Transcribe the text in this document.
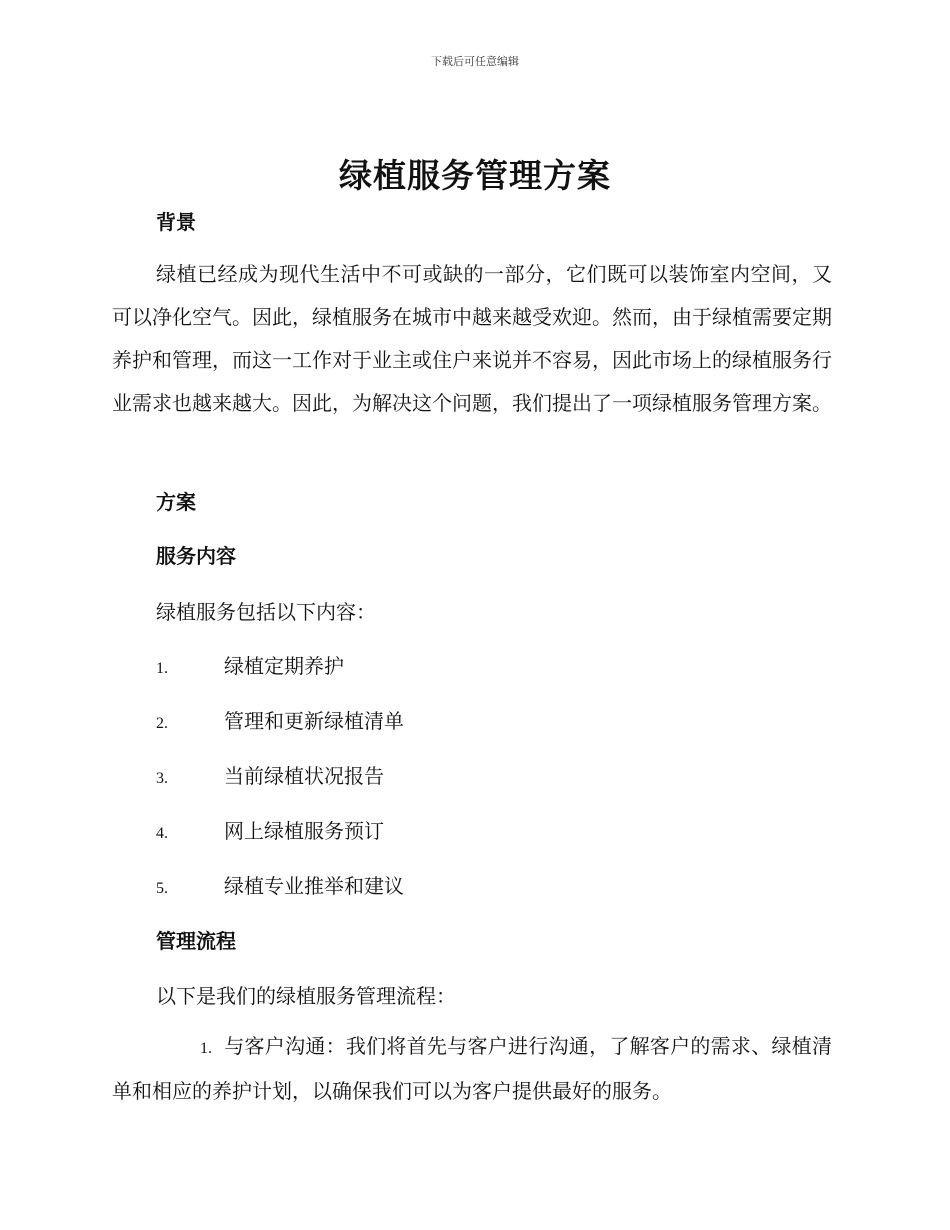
下载后可任意编辑
绿植服务管理方案
背景
绿植已经成为现代生活中不可或缺的一部分，它们既可以装饰室内空间，又可以净化空气。因此，绿植服务在城市中越来越受欢迎。然而，由于绿植需要定期养护和管理，而这一工作对于业主或住户来说并不容易，因此市场上的绿植服务行业需求也越来越大。因此，为解决这个问题，我们提出了一项绿植服务管理方案。
方案
服务内容
绿植服务包括以下内容：
1.	绿植定期养护
2.	管理和更新绿植清单
3.	当前绿植状况报告
4.	网上绿植服务预订
5.	绿植专业推举和建议
管理流程
以下是我们的绿植服务管理流程：
1. 与客户沟通：我们将首先与客户进行沟通，了解客户的需求、绿植清单和相应的养护计划，以确保我们可以为客户提供最好的服务。
